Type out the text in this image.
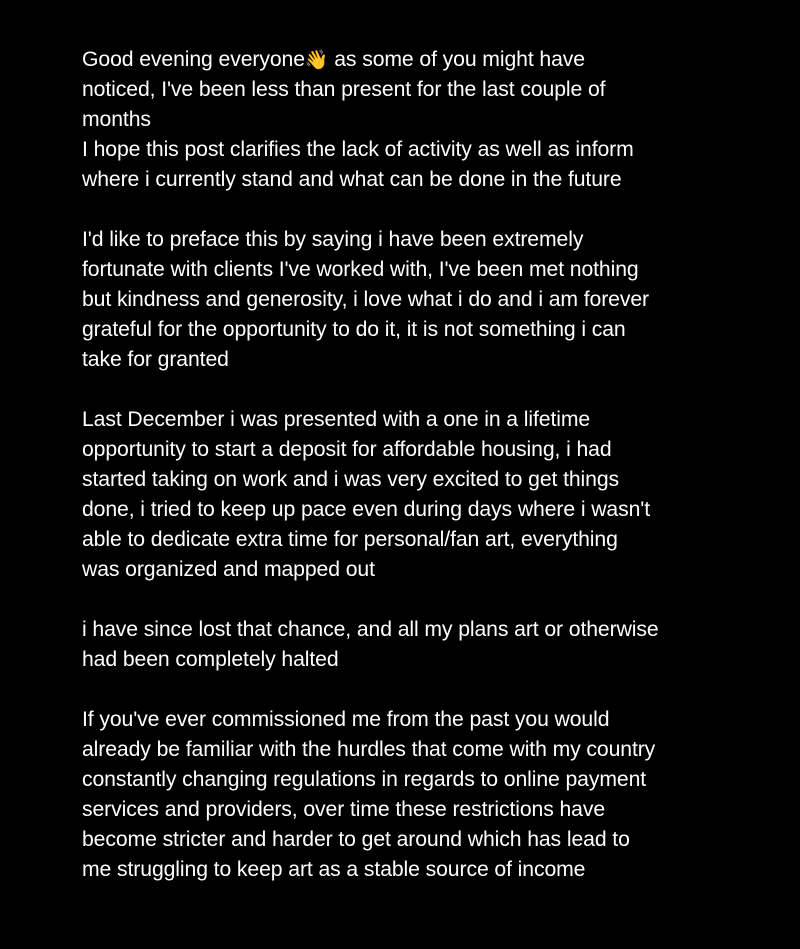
Good evening everyone👋 as some of you might have
noticed, I've been less than present for the last couple of
months
I hope this post clarifies the lack of activity as well as inform
where i currently stand and what can be done in the future
I'd like to preface this by saying i have been extremely
fortunate with clients I've worked with, I've been met nothing
but kindness and generosity, i love what i do and i am forever
grateful for the opportunity to do it, it is not something i can
take for granted
Last December i was presented with a one in a lifetime
opportunity to start a deposit for affordable housing, i had
started taking on work and i was very excited to get things
done, i tried to keep up pace even during days where i wasn't
able to dedicate extra time for personal/fan art, everything
was organized and mapped out
i have since lost that chance, and all my plans art or otherwise
had been completely halted
If you've ever commissioned me from the past you would
already be familiar with the hurdles that come with my country
constantly changing regulations in regards to online payment
services and providers, over time these restrictions have
become stricter and harder to get around which has lead to
me struggling to keep art as a stable source of income
